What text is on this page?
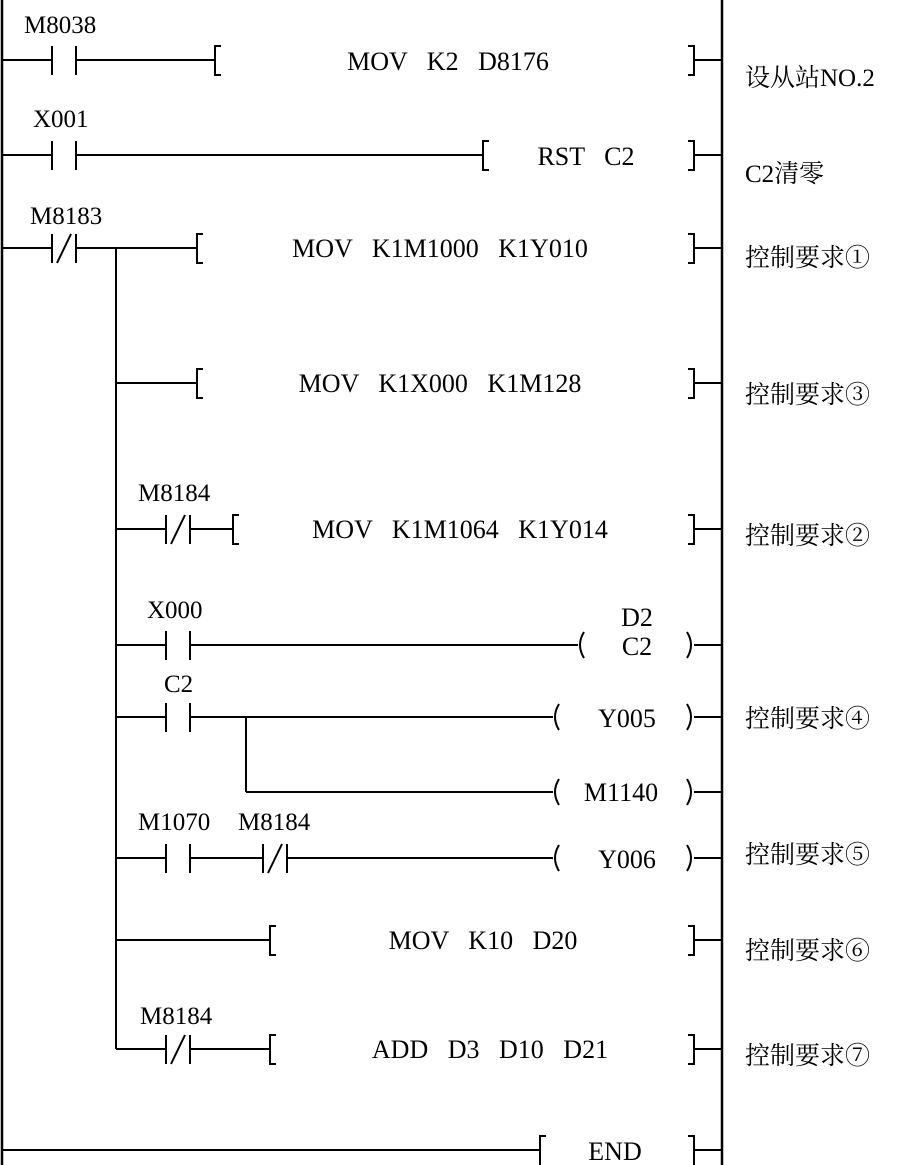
M8038
MOV   K2   D8176
设从站NO.2
X001
RST   C2
C2清零
M8183
MOV   K1M1000   K1Y010	控制要求①
MOV   K1X000   K1M128	控制要求③
M8184
MOV   K1M1064   K1Y014	控制要求②
X000	D2
C2
C2
Y005	控制要求④
M1140
M1070 M8184
Y006	控制要求⑤
MOV   K10   D20	控制要求⑥
M8184
ADD   D3   D10   D21	控制要求⑦
END
